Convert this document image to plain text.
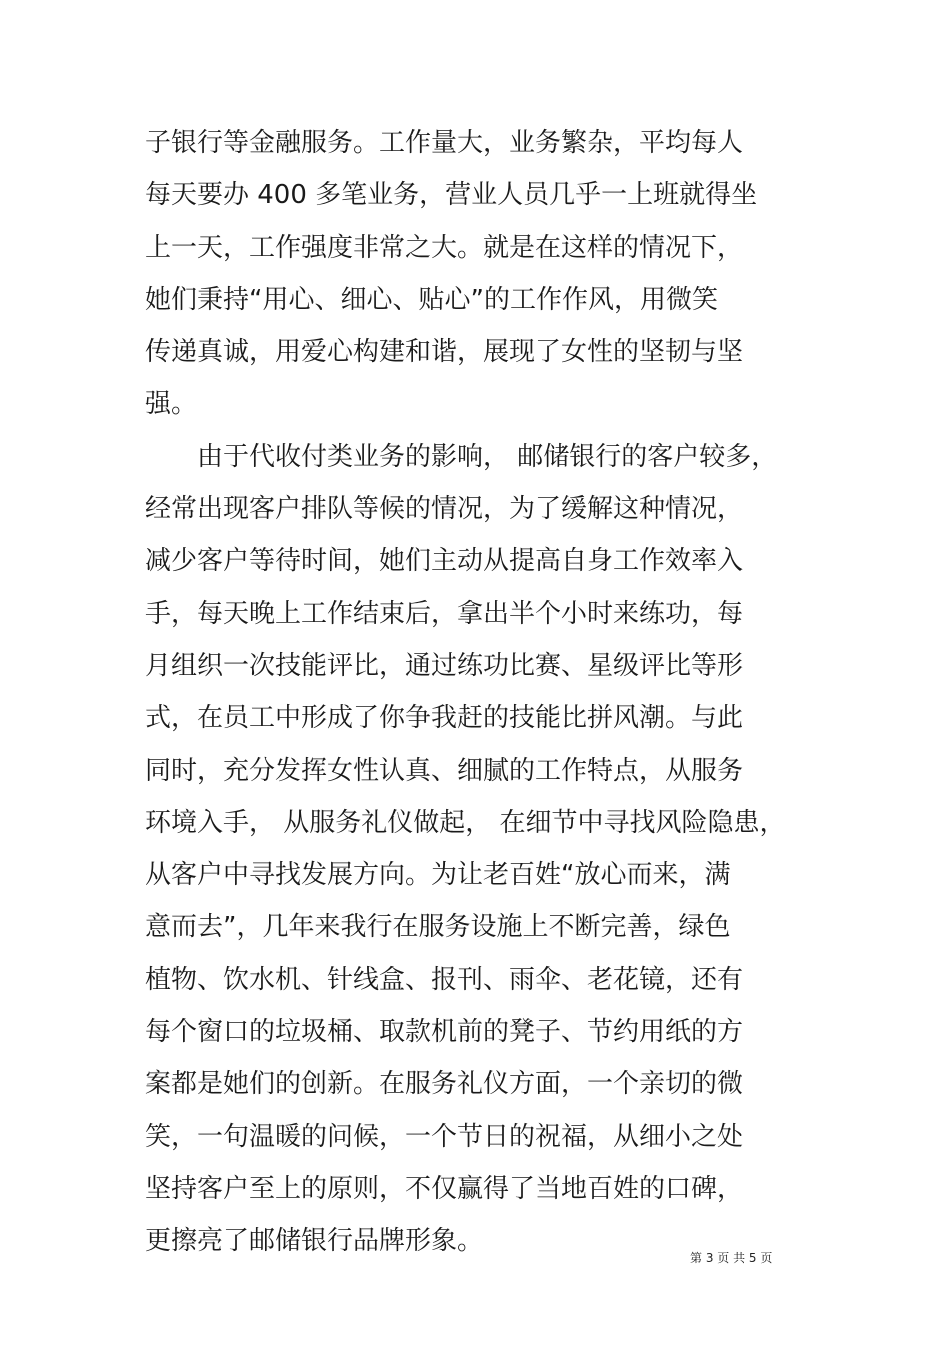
子银行等金融服务。工作量大，业务繁杂，平均每人
每天要办 400 多笔业务，营业人员几乎一上班就得坐
上一天，工作强度非常之大。就是在这样的情况下，
她们秉持“用心、细心、贴心”的工作作风，用微笑
传递真诚，用爱心构建和谐，展现了女性的坚韧与坚
强。
　　由于代收付类业务的影响， 邮储银行的客户较多，
经常出现客户排队等候的情况，为了缓解这种情况，
减少客户等待时间，她们主动从提高自身工作效率入
手，每天晚上工作结束后，拿出半个小时来练功，每
月组织一次技能评比，通过练功比赛、星级评比等形
式，在员工中形成了你争我赶的技能比拼风潮。与此
同时，充分发挥女性认真、细腻的工作特点，从服务
环境入手， 从服务礼仪做起， 在细节中寻找风险隐患，
从客户中寻找发展方向。为让老百姓“放心而来，满
意而去”，几年来我行在服务设施上不断完善，绿色
植物、饮水机、针线盒、报刊、雨伞、老花镜，还有
每个窗口的垃圾桶、取款机前的凳子、节约用纸的方
案都是她们的创新。在服务礼仪方面，一个亲切的微
笑，一句温暖的问候，一个节日的祝福，从细小之处
坚持客户至上的原则，不仅赢得了当地百姓的口碑，
更擦亮了邮储银行品牌形象。
第 3 页 共 5 页
